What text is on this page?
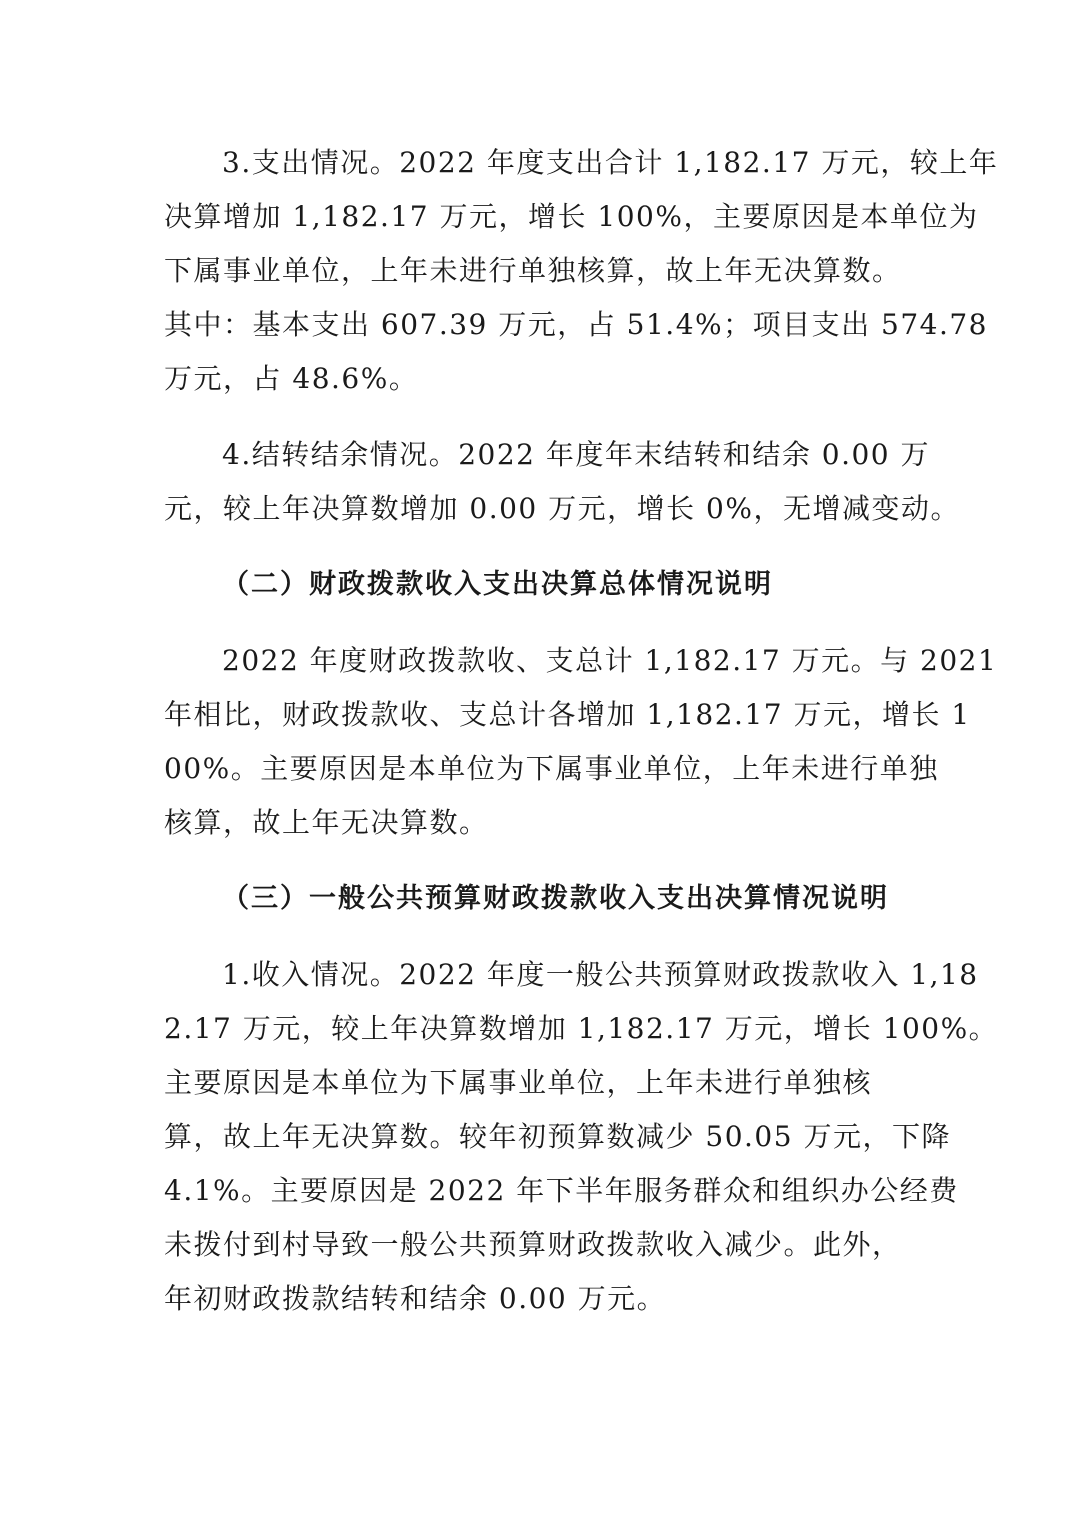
3.支出情况。2022 年度支出合计 1,182.17 万元，较上年
决算增加 1,182.17 万元，增长 100%，主要原因是本单位为
下属事业单位，上年未进行单独核算，故上年无决算数。
其中：基本支出 607.39 万元，占 51.4%；项目支出 574.78
万元，占 48.6%。
4.结转结余情况。2022 年度年末结转和结余 0.00 万
元，较上年决算数增加 0.00 万元，增长 0%，无增减变动。
（二）财政拨款收入支出决算总体情况说明
2022 年度财政拨款收、支总计 1,182.17 万元。与 2021
年相比，财政拨款收、支总计各增加 1,182.17 万元，增长 1
00%。主要原因是本单位为下属事业单位，上年未进行单独
核算，故上年无决算数。
（三）一般公共预算财政拨款收入支出决算情况说明
1.收入情况。2022 年度一般公共预算财政拨款收入 1,18
2.17 万元，较上年决算数增加 1,182.17 万元，增长 100%。
主要原因是本单位为下属事业单位，上年未进行单独核
算，故上年无决算数。较年初预算数减少 50.05 万元，下降
4.1%。主要原因是 2022 年下半年服务群众和组织办公经费
未拨付到村导致一般公共预算财政拨款收入减少。此外，
年初财政拨款结转和结余 0.00 万元。
